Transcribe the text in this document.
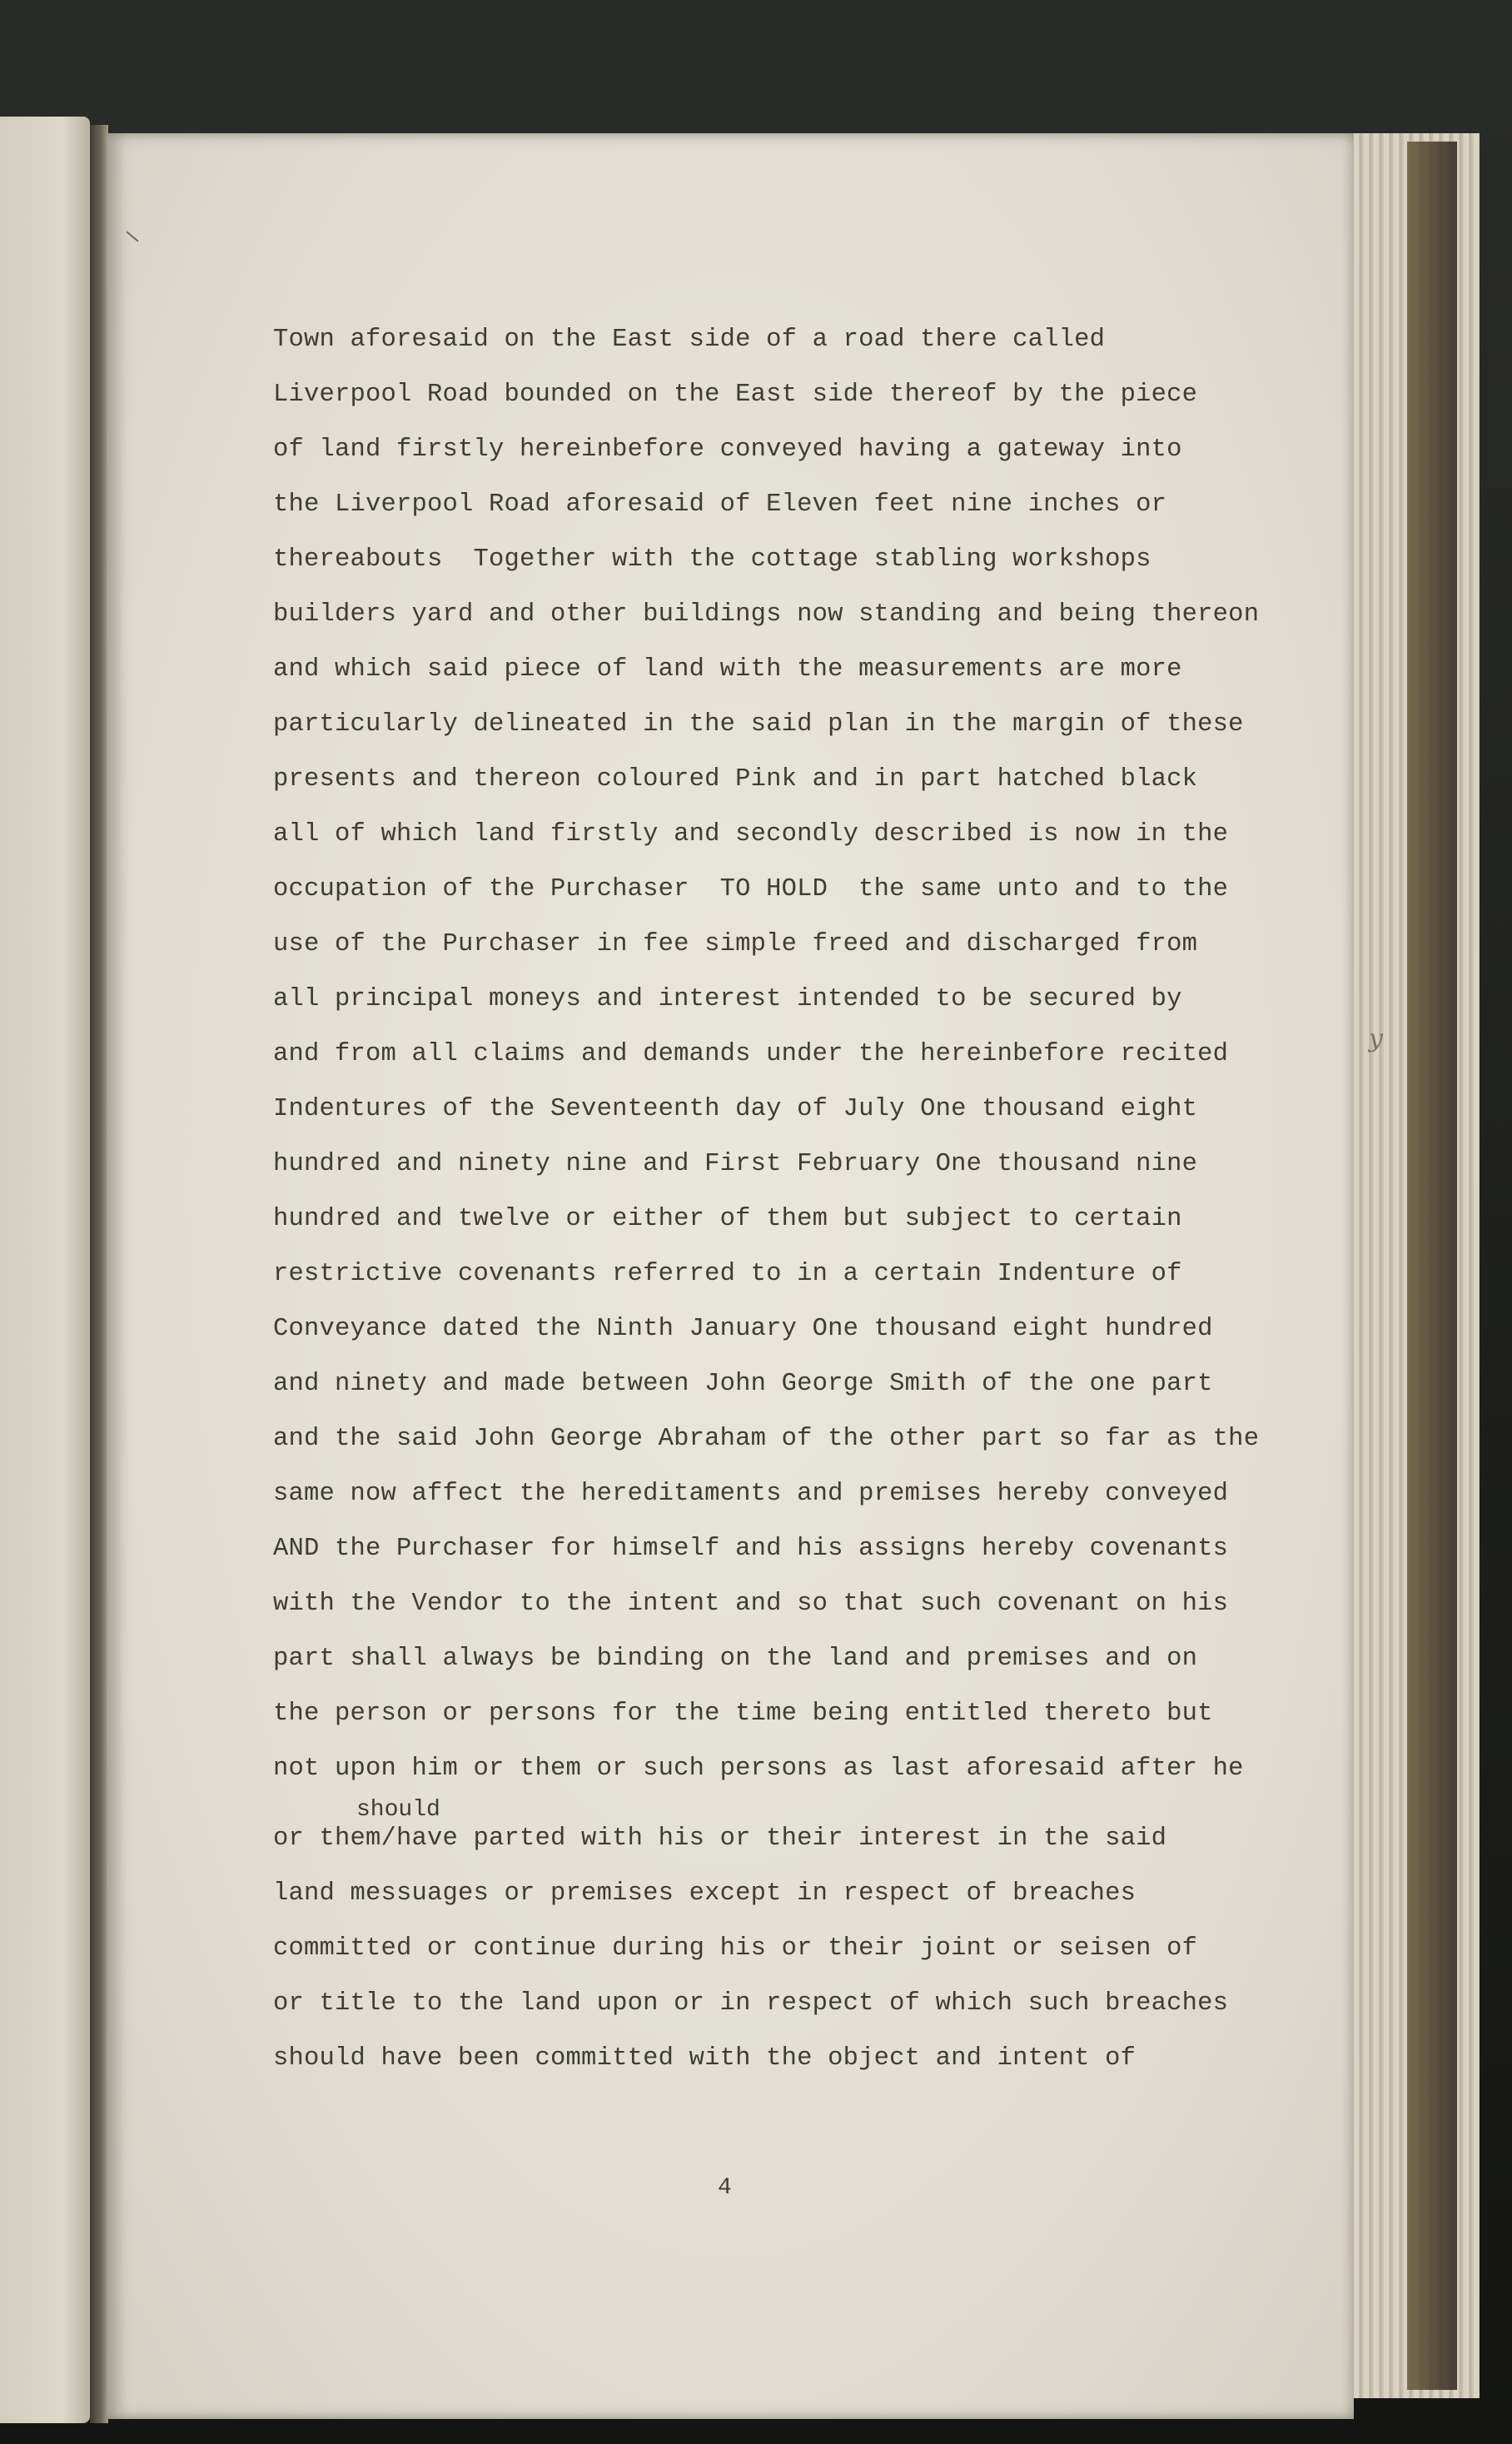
y

Town aforesaid on the East side of a road there called

Liverpool Road bounded on the East side thereof by the piece

of land firstly hereinbefore conveyed having a gateway into

the Liverpool Road aforesaid of Eleven feet nine inches or

thereabouts  Together with the cottage stabling workshops

builders yard and other buildings now standing and being thereon

and which said piece of land with the measurements are more

particularly delineated in the said plan in the margin of these

presents and thereon coloured Pink and in part hatched black

all of which land firstly and secondly described is now in the

occupation of the Purchaser  TO HOLD  the same unto and to the

use of the Purchaser in fee simple freed and discharged from

all principal moneys and interest intended to be secured by

and from all claims and demands under the hereinbefore recited

Indentures of the Seventeenth day of July One thousand eight

hundred and ninety nine and First February One thousand nine

hundred and twelve or either of them but subject to certain

restrictive covenants referred to in a certain Indenture of

Conveyance dated the Ninth January One thousand eight hundred

and ninety and made between John George Smith of the one part

and the said John George Abraham of the other part so far as the

same now affect the hereditaments and premises hereby conveyed

AND the Purchaser for himself and his assigns hereby covenants

with the Vendor to the intent and so that such covenant on his

part shall always be binding on the land and premises and on

the person or persons for the time being entitled thereto but

not upon him or them or such persons as last aforesaid after he

or them/have parted with his or their interest in the said

land messuages or premises except in respect of breaches

committed or continue during his or their joint or seisen of

or title to the land upon or in respect of which such breaches

should have been committed with the object and intent of

should

4
